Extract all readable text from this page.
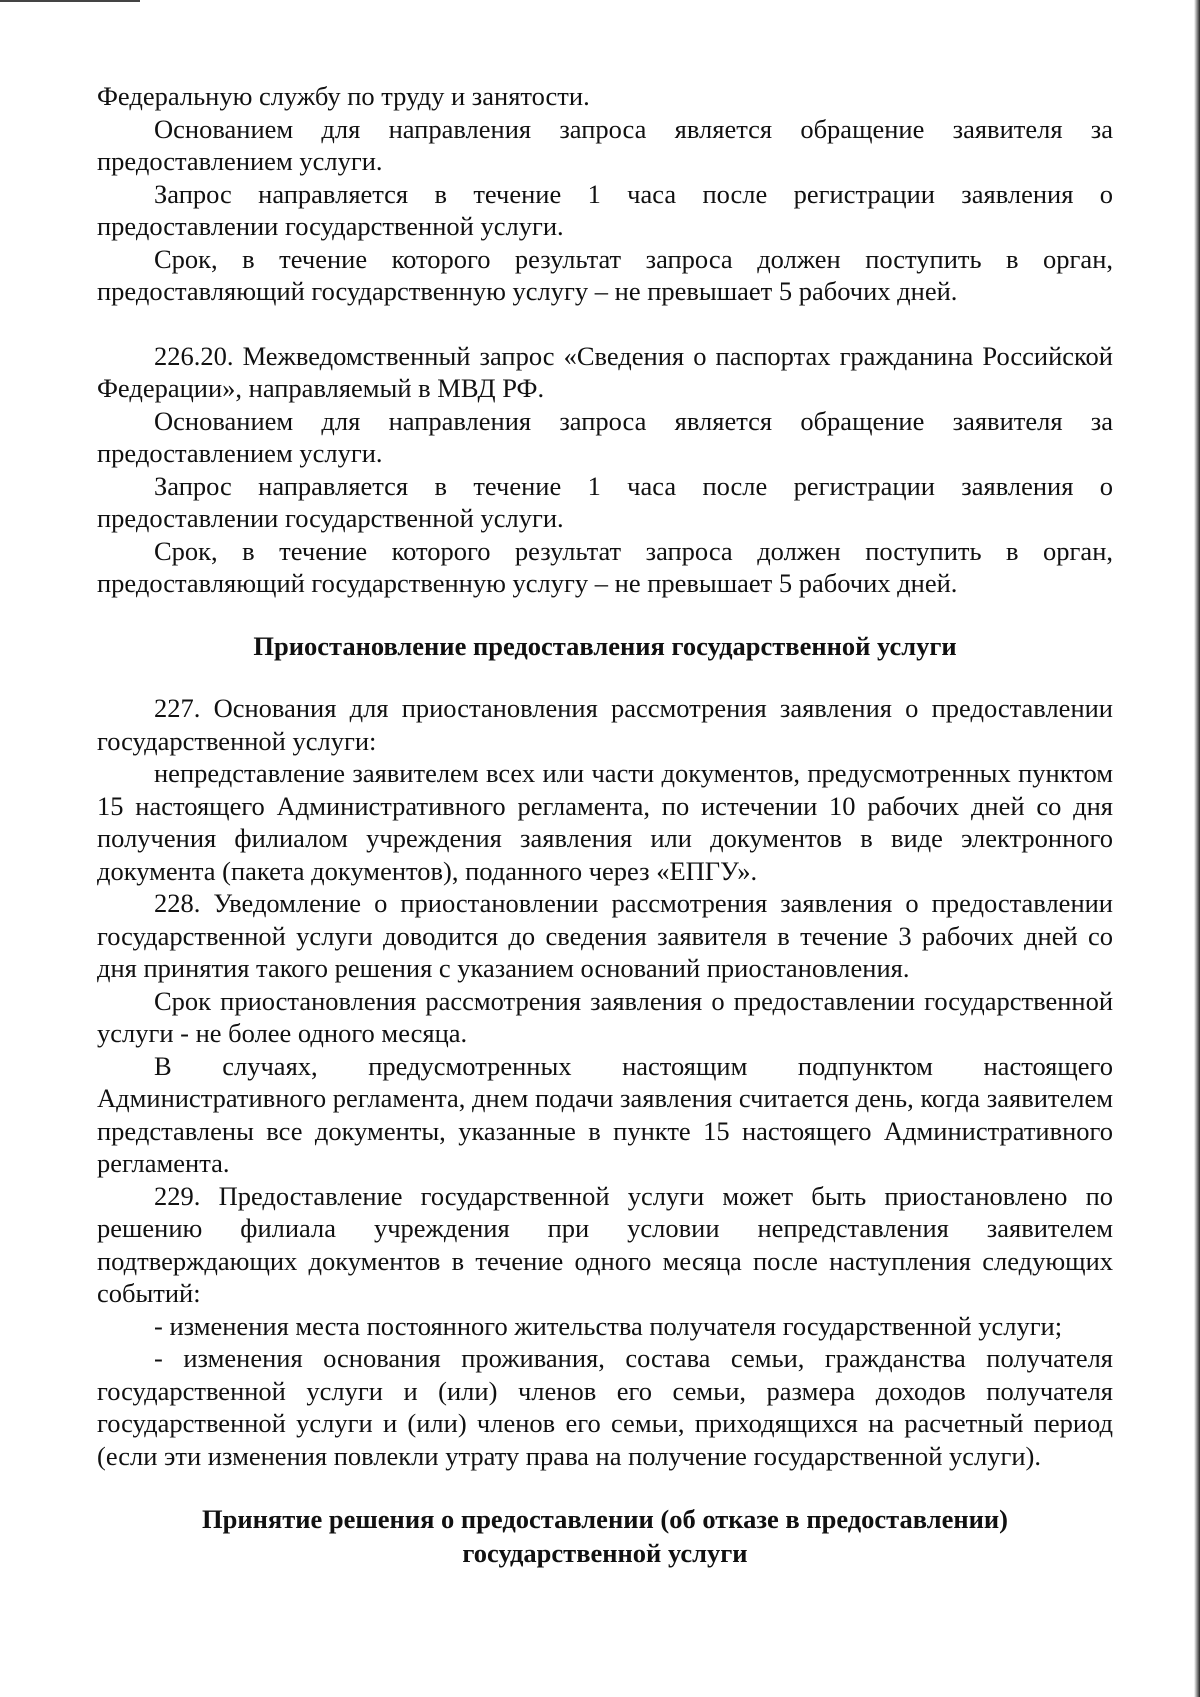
Федеральную службу по труду и занятости.

Основанием для направления запроса является обращение заявителя за предоставлением услуги.

Запрос направляется в течение 1 часа после регистрации заявления о предоставлении государственной услуги.

Срок, в течение которого результат запроса должен поступить в орган, предоставляющий государственную услугу – не превышает 5 рабочих дней.

226.20. Межведомственный запрос «Сведения о паспортах гражданина Российской Федерации», направляемый в МВД РФ.

Основанием для направления запроса является обращение заявителя за предоставлением услуги.

Запрос направляется в течение 1 часа после регистрации заявления о предоставлении государственной услуги.

Срок, в течение которого результат запроса должен поступить в орган, предоставляющий государственную услугу – не превышает 5 рабочих дней.

Приостановление предоставления государственной услуги

227. Основания для приостановления рассмотрения заявления о предоставлении государственной услуги:

непредставление заявителем всех или части документов, предусмотренных пунктом 15 настоящего Административного регламента, по истечении 10 рабочих дней со дня получения филиалом учреждения заявления или документов в виде электронного документа (пакета документов), поданного через «ЕПГУ».

228. Уведомление о приостановлении рассмотрения заявления о предоставлении государственной услуги доводится до сведения заявителя в течение 3 рабочих дней со дня принятия такого решения с указанием оснований приостановления.

Срок приостановления рассмотрения заявления о предоставлении государственной услуги - не более одного месяца.

В случаях, предусмотренных настоящим подпунктом настоящего Административного регламента, днем подачи заявления считается день, когда заявителем представлены все документы, указанные в пункте 15 настоящего Административного регламента.

229. Предоставление государственной услуги может быть приостановлено по решению филиала учреждения при условии непредставления заявителем подтверждающих документов в течение одного месяца после наступления следующих событий:

- изменения места постоянного жительства получателя государственной услуги;

- изменения основания проживания, состава семьи, гражданства получателя государственной услуги и (или) членов его семьи, размера доходов получателя государственной услуги и (или) членов его семьи, приходящихся на расчетный период (если эти изменения повлекли утрату права на получение государственной услуги).

Принятие решения о предоставлении (об отказе в предоставлении)
государственной услуги
